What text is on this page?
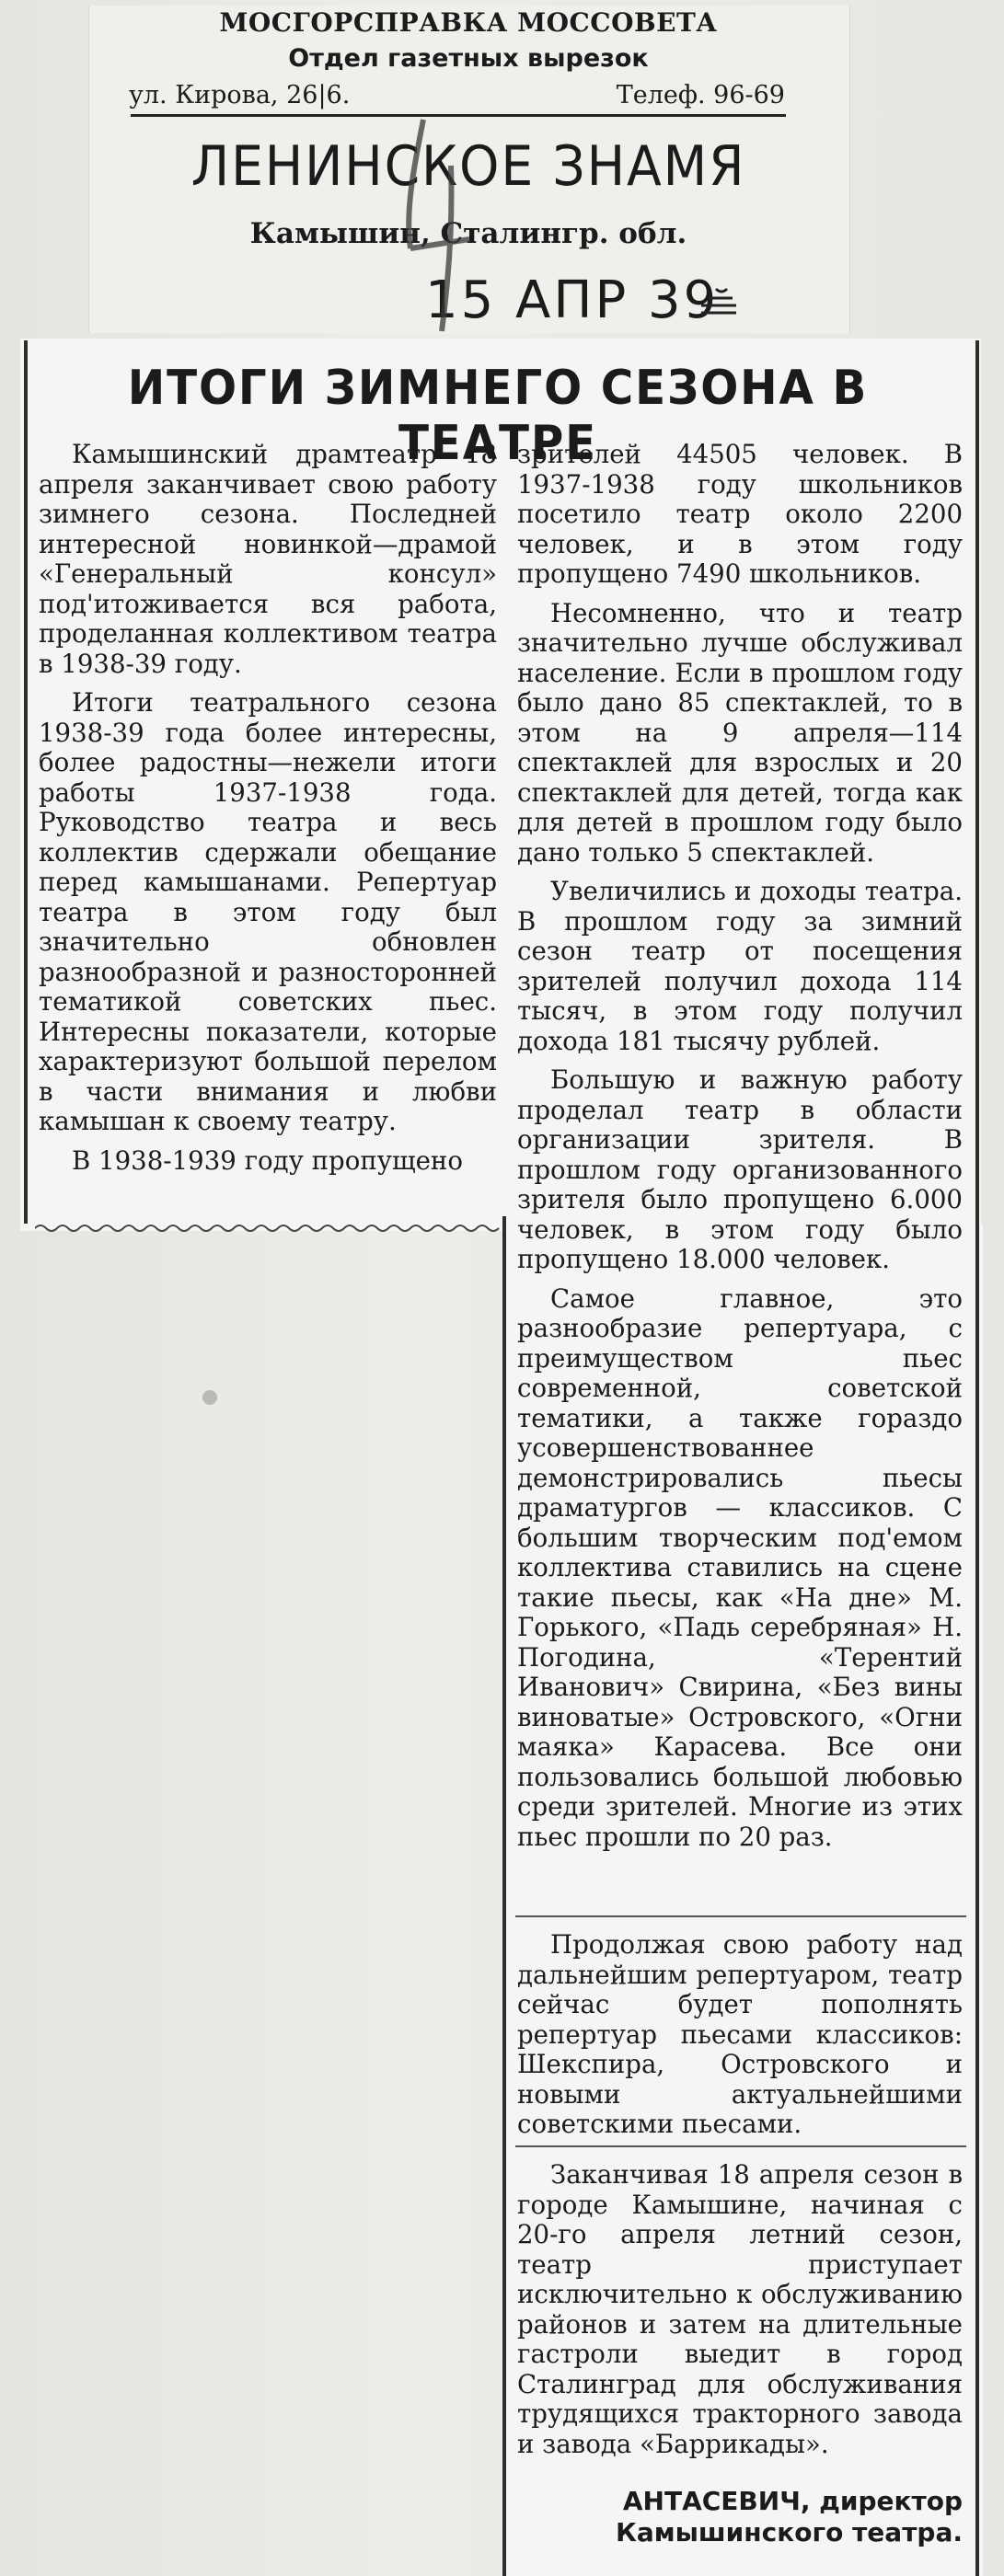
МОСГОРСПРАВКА МОССОВЕТА
Отдел газетных вырезок
ул. Кирова, 26|6.	Телеф. 96-69
ЛЕНИНСКОЕ ЗНАМЯ
Камышин, Сталингр. обл.
15 АПР 39
ИТОГИ ЗИМНЕГО СЕЗОНА В ТЕАТРЕ

Камышинский драмтеатр 18 апреля заканчивает свою работу зимнего сезона. Последней интересной новинкой—драмой «Генеральный консул» под'итоживается вся работа, проделанная коллективом театра в 1938-39 году.

Итоги театрального сезона 1938-39 года более интересны, более радостны—нежели итоги работы 1937-1938 года. Руководство театра и весь коллектив сдержали обещание перед камышанами. Репертуар театра в этом году был значительно обновлен разнообразной и разносторонней тематикой советских пьес. Интересны показатели, которые характеризуют большой перелом в части внимания и любви камышан к своему театру.

В 1938-1939 году пропущено

зрителей 44505 человек. В 1937-1938 году школьников посетило театр около 2200 человек, и в этом году пропущено 7490 школьников.

Несомненно, что и театр значительно лучше обслуживал население. Если в прошлом году было дано 85 спектаклей, то в этом на 9 апреля—114 спектаклей для взрослых и 20 спектаклей для детей, тогда как для детей в прошлом году было дано только 5 спектаклей.

Увеличились и доходы театра. В прошлом году за зимний сезон театр от посещения зрителей получил дохода 114 тысяч, в этом году получил дохода 181 тысячу рублей.

Большую и важную работу проделал театр в области организации зрителя. В прошлом году организованного зрителя было пропущено 6.000 человек, в этом году было пропущено 18.000 человек.

Самое главное, это разнообразие репертуара, с преимуществом пьес современной, советской тематики, а также гораздо усовершенствованнее демонстрировались пьесы драматургов — классиков. С большим творческим под'емом коллектива ставились на сцене такие пьесы, как «На дне» М. Горького, «Падь серебряная» Н. Погодина, «Терентий Иванович» Свирина, «Без вины виноватые» Островского, «Огни маяка» Карасева. Все они пользовались большой любовью среди зрителей. Многие из этих пьес прошли по 20 раз.

Продолжая свою работу над дальнейшим репертуаром, театр сейчас будет пополнять репертуар пьесами классиков: Шекспира, Островского и новыми актуальнейшими советскими пьесами.

Заканчивая 18 апреля сезон в городе Камышине, начиная с 20-го апреля летний сезон, театр приступает исключительно к обслуживанию районов и затем на длительные гастроли выедит в город Сталинград для обслуживания трудящихся тракторного завода и завода «Баррикады».

АНТАСЕВИЧ, директор
Камышинского театра.
